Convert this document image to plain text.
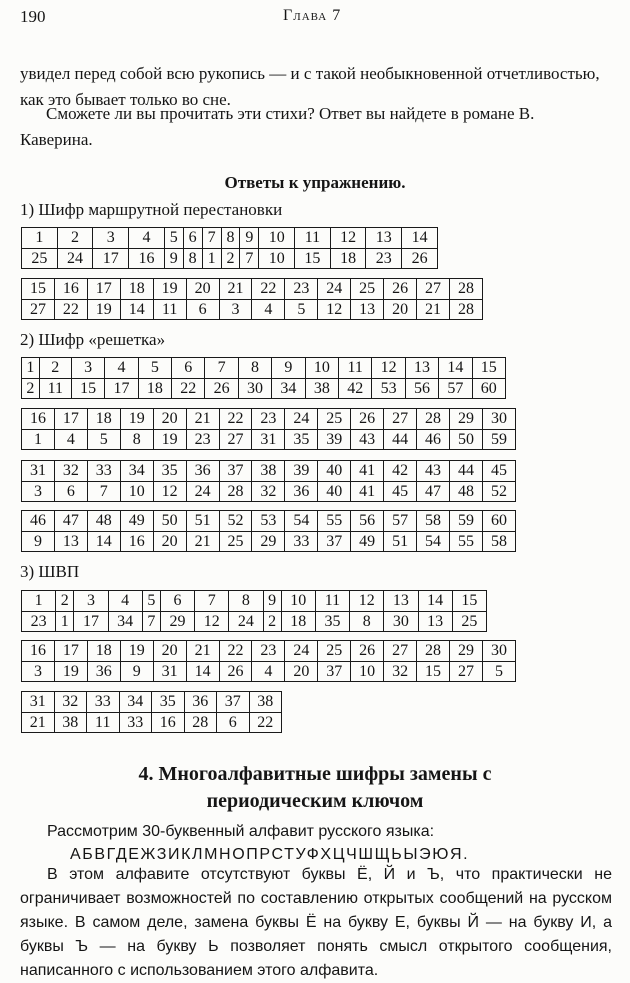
190	Глава 7
увидел перед собой всю рукопись — и с такой необыкновенной отчетливостью, как это бывает только во сне.
Сможете ли вы прочитать эти стихи? Ответ вы найдете в романе В. Каверина.
Ответы к упражнению.
1) Шифр маршрутной перестановки
1	2	3	4	5	6	7	8	9	10	11	12	13	14
25	24	17	16	9	8	1	2	7	10	15	18	23	26
15	16	17	18	19	20	21	22	23	24	25	26	27	28
27	22	19	14	11	6	3	4	5	12	13	20	21	28
2) Шифр «решетка»
1	2	3	4	5	6	7	8	9	10	11	12	13	14	15
2	11	15	17	18	22	26	30	34	38	42	53	56	57	60
16	17	18	19	20	21	22	23	24	25	26	27	28	29	30
1	4	5	8	19	23	27	31	35	39	43	44	46	50	59
31	32	33	34	35	36	37	38	39	40	41	42	43	44	45
3	6	7	10	12	24	28	32	36	40	41	45	47	48	52
46	47	48	49	50	51	52	53	54	55	56	57	58	59	60
9	13	14	16	20	21	25	29	33	37	49	51	54	55	58
3) ШВП
1	2	3	4	5	6	7	8	9	10	11	12	13	14	15
23	1	17	34	7	29	12	24	2	18	35	8	30	13	25
16	17	18	19	20	21	22	23	24	25	26	27	28	29	30
3	19	36	9	31	14	26	4	20	37	10	32	15	27	5
31	32	33	34	35	36	37	38
21	38	11	33	16	28	6	22
4. Многоалфавитные шифры замены с
периодическим ключом
Рассмотрим 30-буквенный алфавит русского языка:
АБВГДЕЖЗИКЛМНОПРСТУФХЦЧШЩЬЫЭЮЯ.
В этом алфавите отсутствуют буквы Ё, Й и Ъ, что практически не ограничивает возможностей по составлению открытых сообщений на русском языке. В самом деле, замена буквы Ё на букву Е, буквы Й — на букву И, а буквы Ъ — на букву Ь позволяет понять смысл открытого сообщения, написанного с использованием этого алфавита.
